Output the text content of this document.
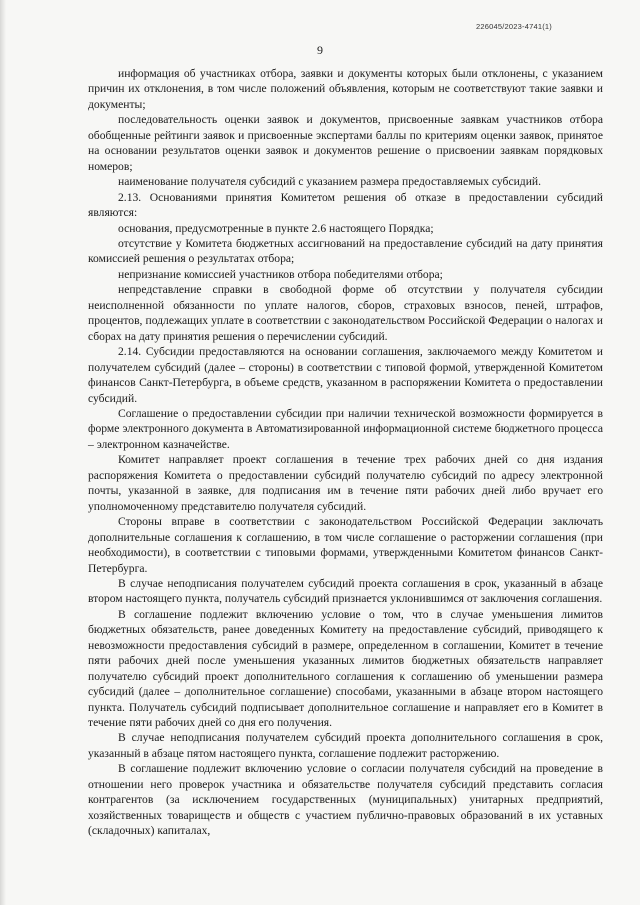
226045/2023-4741(1)
9

информация об участниках отбора, заявки и документы которых были отклонены, с указанием причин их отклонения, в том числе положений объявления, которым не соответствуют такие заявки и документы;

последовательность оценки заявок и документов, присвоенные заявкам участников отбора обобщенные рейтинги заявок и присвоенные экспертами баллы по критериям оценки заявок, принятое на основании результатов оценки заявок и документов решение о присвоении заявкам порядковых номеров;

наименование получателя субсидий с указанием размера предоставляемых субсидий.

2.13. Основаниями принятия Комитетом решения об отказе в предоставлении субсидий являются:

основания, предусмотренные в пункте 2.6 настоящего Порядка;

отсутствие у Комитета бюджетных ассигнований на предоставление субсидий на дату принятия комиссией решения о результатах отбора;

непризнание комиссией участников отбора победителями отбора;

непредставление справки в свободной форме об отсутствии у получателя субсидии неисполненной обязанности по уплате налогов, сборов, страховых взносов, пеней, штрафов, процентов, подлежащих уплате в соответствии с законодательством Российской Федерации о налогах и сборах на дату принятия решения о перечислении субсидий.

2.14. Субсидии предоставляются на основании соглашения, заключаемого между Комитетом и получателем субсидий (далее – стороны) в соответствии с типовой формой, утвержденной Комитетом финансов Санкт-Петербурга, в объеме средств, указанном в распоряжении Комитета о предоставлении субсидий.

Соглашение о предоставлении субсидии при наличии технической возможности формируется в форме электронного документа в Автоматизированной информационной системе бюджетного процесса – электронном казначействе.

Комитет направляет проект соглашения в течение трех рабочих дней со дня издания распоряжения Комитета о предоставлении субсидий получателю субсидий по адресу электронной почты, указанной в заявке, для подписания им в течение пяти рабочих дней либо вручает его уполномоченному представителю получателя субсидий.

Стороны вправе в соответствии с законодательством Российской Федерации заключать дополнительные соглашения к соглашению, в том числе соглашение о расторжении соглашения (при необходимости), в соответствии с типовыми формами, утвержденными Комитетом финансов Санкт-Петербурга.

В случае неподписания получателем субсидий проекта соглашения в срок, указанный в абзаце втором настоящего пункта, получатель субсидий признается уклонившимся от заключения соглашения.

В соглашение подлежит включению условие о том, что в случае уменьшения лимитов бюджетных обязательств, ранее доведенных Комитету на предоставление субсидий, приводящего к невозможности предоставления субсидий в размере, определенном в соглашении, Комитет в течение пяти рабочих дней после уменьшения указанных лимитов бюджетных обязательств направляет получателю субсидий проект дополнительного соглашения к соглашению об уменьшении размера субсидий (далее – дополнительное соглашение) способами, указанными в абзаце втором настоящего пункта. Получатель субсидий подписывает дополнительное соглашение и направляет его в Комитет в течение пяти рабочих дней со дня его получения.

В случае неподписания получателем субсидий проекта дополнительного соглашения в срок, указанный в абзаце пятом настоящего пункта, соглашение подлежит расторжению.

В соглашение подлежит включению условие о согласии получателя субсидий на проведение в отношении него проверок участника и обязательстве получателя субсидий представить согласия контрагентов (за исключением государственных (муниципальных) унитарных предприятий, хозяйственных товариществ и обществ с участием публично-правовых образований в их уставных (складочных) капиталах,
